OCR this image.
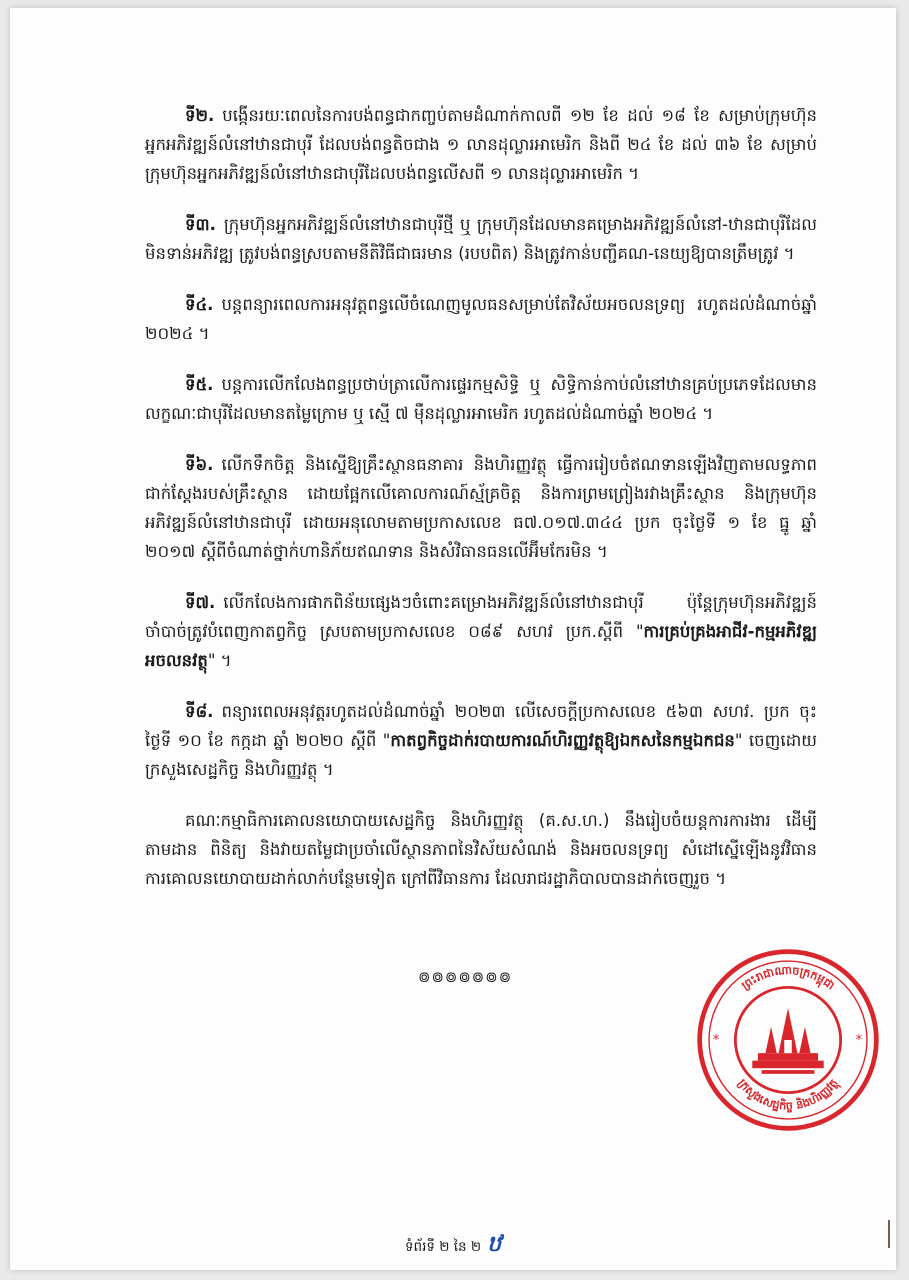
ទី២. បង្កើនរយៈពេលនៃការបង់ពន្ធជាកញ្ចប់តាមដំណាក់កាលពី ១២ ខែ ដល់ ១៨ ខែ សម្រាប់ក្រុមហ៊ុនអ្នកអភិវឌ្ឍន៍លំនៅឋានជាបុរី ដែលបង់ពន្ធតិចជាង ១ លានដុល្លារអាមេរិក និងពី ២៤ ខែ ដល់ ៣៦ ខែ សម្រាប់ក្រុមហ៊ុនអ្នកអភិវឌ្ឍន៍លំនៅឋានជាបុរីដែលបង់ពន្ធលើសពី ១ លានដុល្លារអាមេរិក ។

ទី៣. ក្រុមហ៊ុនអ្នកអភិវឌ្ឍន៍លំនៅឋានជាបុរីថ្មី ឬ ក្រុមហ៊ុនដែលមានគម្រោងអភិវឌ្ឍន៍លំនៅ-ឋានជាបុរីដែលមិនទាន់អភិវឌ្ឍ ត្រូវបង់ពន្ធស្របតាមនីតិវិធីជាធរមាន (របបពិត) និងត្រូវកាន់បញ្ជីគណ-នេយ្យឱ្យបានត្រឹមត្រូវ ។

ទី៤. បន្តពន្យារពេលការអនុវត្តពន្ធលើចំណេញមូលធនសម្រាប់តែវិស័យអចលនទ្រព្យ រហូតដល់ដំណាច់ឆ្នាំ ២០២៤ ។

ទី៥. បន្តការលើកលែងពន្ធប្រថាប់ត្រាលើការផ្ទេរកម្មសិទ្ធិ ឬ សិទ្ធិកាន់កាប់លំនៅឋានគ្រប់ប្រភេទដែលមានលក្ខណៈជាបុរីដែលមានតម្លៃក្រោម ឬ ស្មើ ៧ ម៉ឺនដុល្លារអាមេរិក រហូតដល់ដំណាច់ឆ្នាំ ២០២៤ ។

ទី៦. លើកទឹកចិត្ត និងស្នើឱ្យគ្រឹះស្ថានធនាគារ និងហិរញ្ញវត្ថុ ធ្វើការរៀបចំឥណទានឡើងវិញតាមលទ្ធភាពជាក់ស្តែងរបស់គ្រឹះស្ថាន ដោយផ្អែកលើគោលការណ៍ស្ម័គ្រចិត្ត និងការព្រមព្រៀងរវាងគ្រឹះស្ថាន និងក្រុមហ៊ុនអភិវឌ្ឍន៍លំនៅឋានជាបុរី ដោយអនុលោមតាមប្រកាសលេខ ធ៧.០១៧.៣៤៤ ប្រក ចុះថ្ងៃទី ១ ខែ ធ្នូ ឆ្នាំ ២០១៧ ស្តីពីចំណាត់ថ្នាក់ហានិភ័យឥណទាន និងសំវិធានធនលើអ៊ីមកែរមិន ។

ទី៧. លើកលែងការផាកពិន័យផ្សេងៗចំពោះគម្រោងអភិវឌ្ឍន៍លំនៅឋានជាបុរី ប៉ុន្តែក្រុមហ៊ុនអភិវឌ្ឍន៍ចាំបាច់ត្រូវបំពេញកាតព្វកិច្ច ស្របតាមប្រកាសលេខ ០៨៩ សហវ ប្រក.ស្តីពី "ការគ្រប់គ្រងអាជីវ-កម្មអភិវឌ្ឍអចលនវត្ថុ" ។

ទី៨. ពន្យារពេលអនុវត្តរហូតដល់ដំណាច់ឆ្នាំ ២០២៣ លើសេចក្តីប្រកាសលេខ ៥៦៣ សហវ. ប្រក ចុះថ្ងៃទី ១០ ខែ កក្កដា ឆ្នាំ ២០២០ ស្តីពី "កាតព្វកិច្ចដាក់របាយការណ៍ហិរញ្ញវត្ថុឱ្យឯកសនៃកម្មឯកជន" ចេញដោយក្រសួងសេដ្ឋកិច្ច និងហិរញ្ញវត្ថុ ។

គណៈកម្មាធិការគោលនយោបាយសេដ្ឋកិច្ច និងហិរញ្ញវត្ថុ (គ.ស.ហ.) នឹងរៀបចំយន្តការការងារ ដើម្បីតាមដាន ពិនិត្យ និងវាយតម្លៃជាប្រចាំលើស្ថានភាពនៃវិស័យសំណង់ និងអចលនទ្រព្យ សំដៅស្នើឡើងនូវវិធានការគោលនយោបាយដាក់លាក់បន្ថែមទៀត ក្រៅពីវិធានការ ដែលរាជរដ្ឋាភិបាលបានដាក់ចេញរួច ។

៙៙៙៙៙៙៙	ព្រះរាជាណាចក្រកម្ពុជា
ក្រសួងសេដ្ឋកិច្ច និងហិរញ្ញវត្ថុ
*	*
ទំព័រទី ២ នៃ ២ ឋ
